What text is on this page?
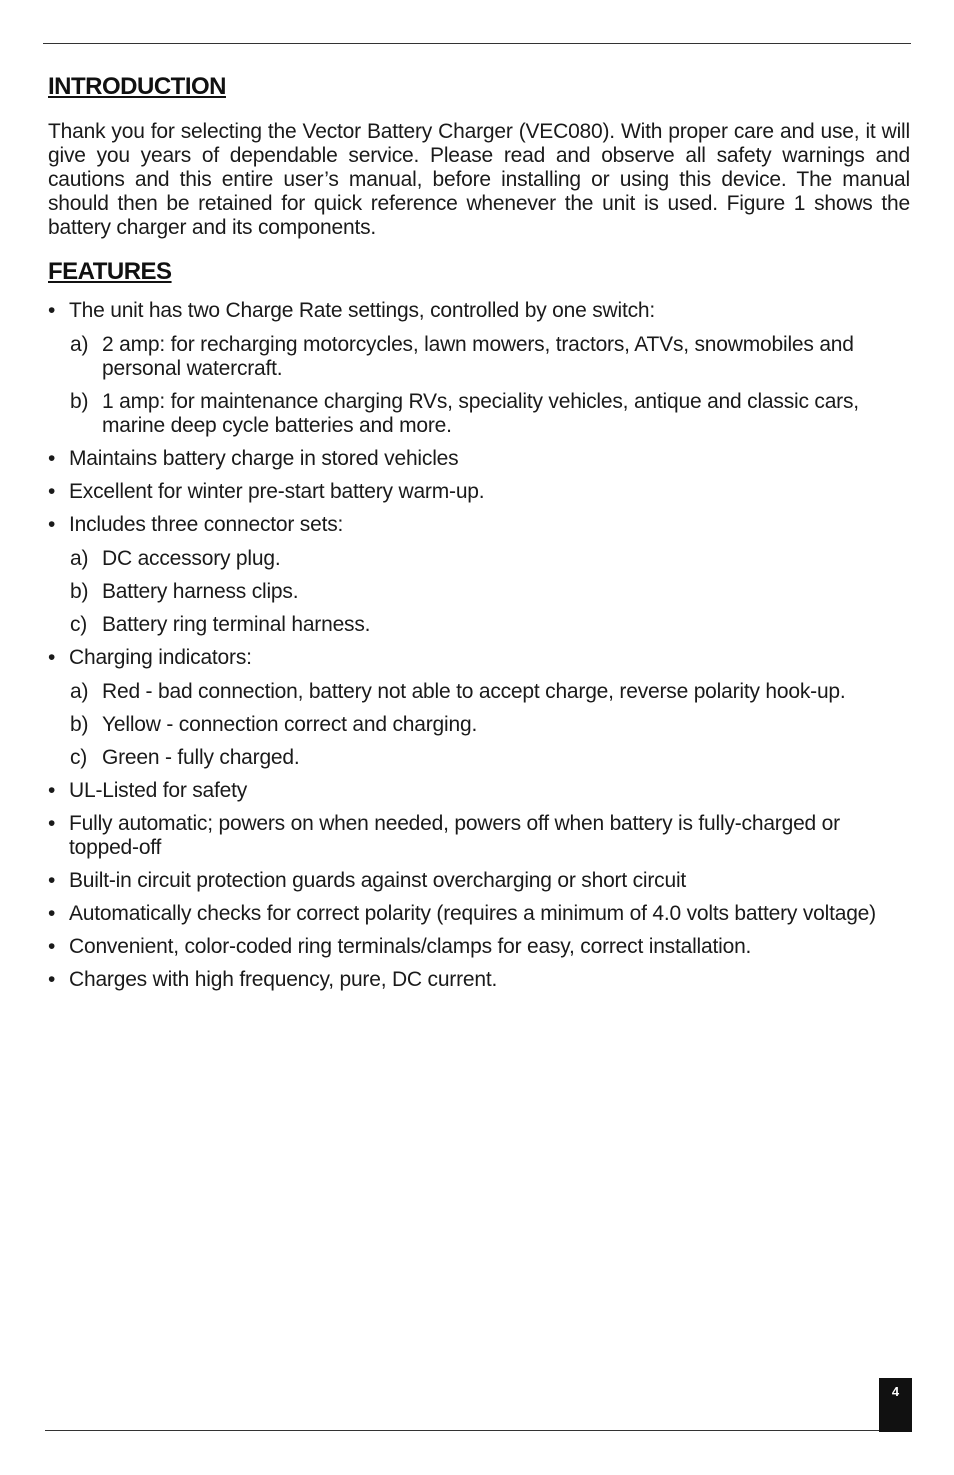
INTRODUCTION

Thank you for selecting the Vector Battery Charger (VEC080). With proper care and use, it will give you years of dependable service. Please read and observe all safety warnings and cautions and this entire user’s manual, before installing or using this device. The manual should then be retained for quick reference whenever the unit is used. Figure 1 shows the battery charger and its components.

FEATURES
• The unit has two Charge Rate settings, controlled by one switch:
a) 2 amp: for recharging motorcycles, lawn mowers, tractors, ATVs, snowmobiles and personal watercraft.
b) 1 amp: for maintenance charging RVs, speciality vehicles, antique and classic cars, marine deep cycle batteries and more.
• Maintains battery charge in stored vehicles
• Excellent for winter pre-start battery warm-up.
• Includes three connector sets:
a) DC accessory plug.
b) Battery harness clips.
c) Battery ring terminal harness.
• Charging indicators:
a) Red - bad connection, battery not able to accept charge, reverse polarity hook-up.
b) Yellow - connection correct and charging.
c) Green - fully charged.
• UL-Listed for safety
• Fully automatic; powers on when needed, powers off when battery is fully-charged or topped-off
• Built-in circuit protection guards against overcharging or short circuit
• Automatically checks for correct polarity (requires a minimum of 4.0 volts battery voltage)
• Convenient, color-coded ring terminals/clamps for easy, correct installation.
• Charges with high frequency, pure, DC current.
4
